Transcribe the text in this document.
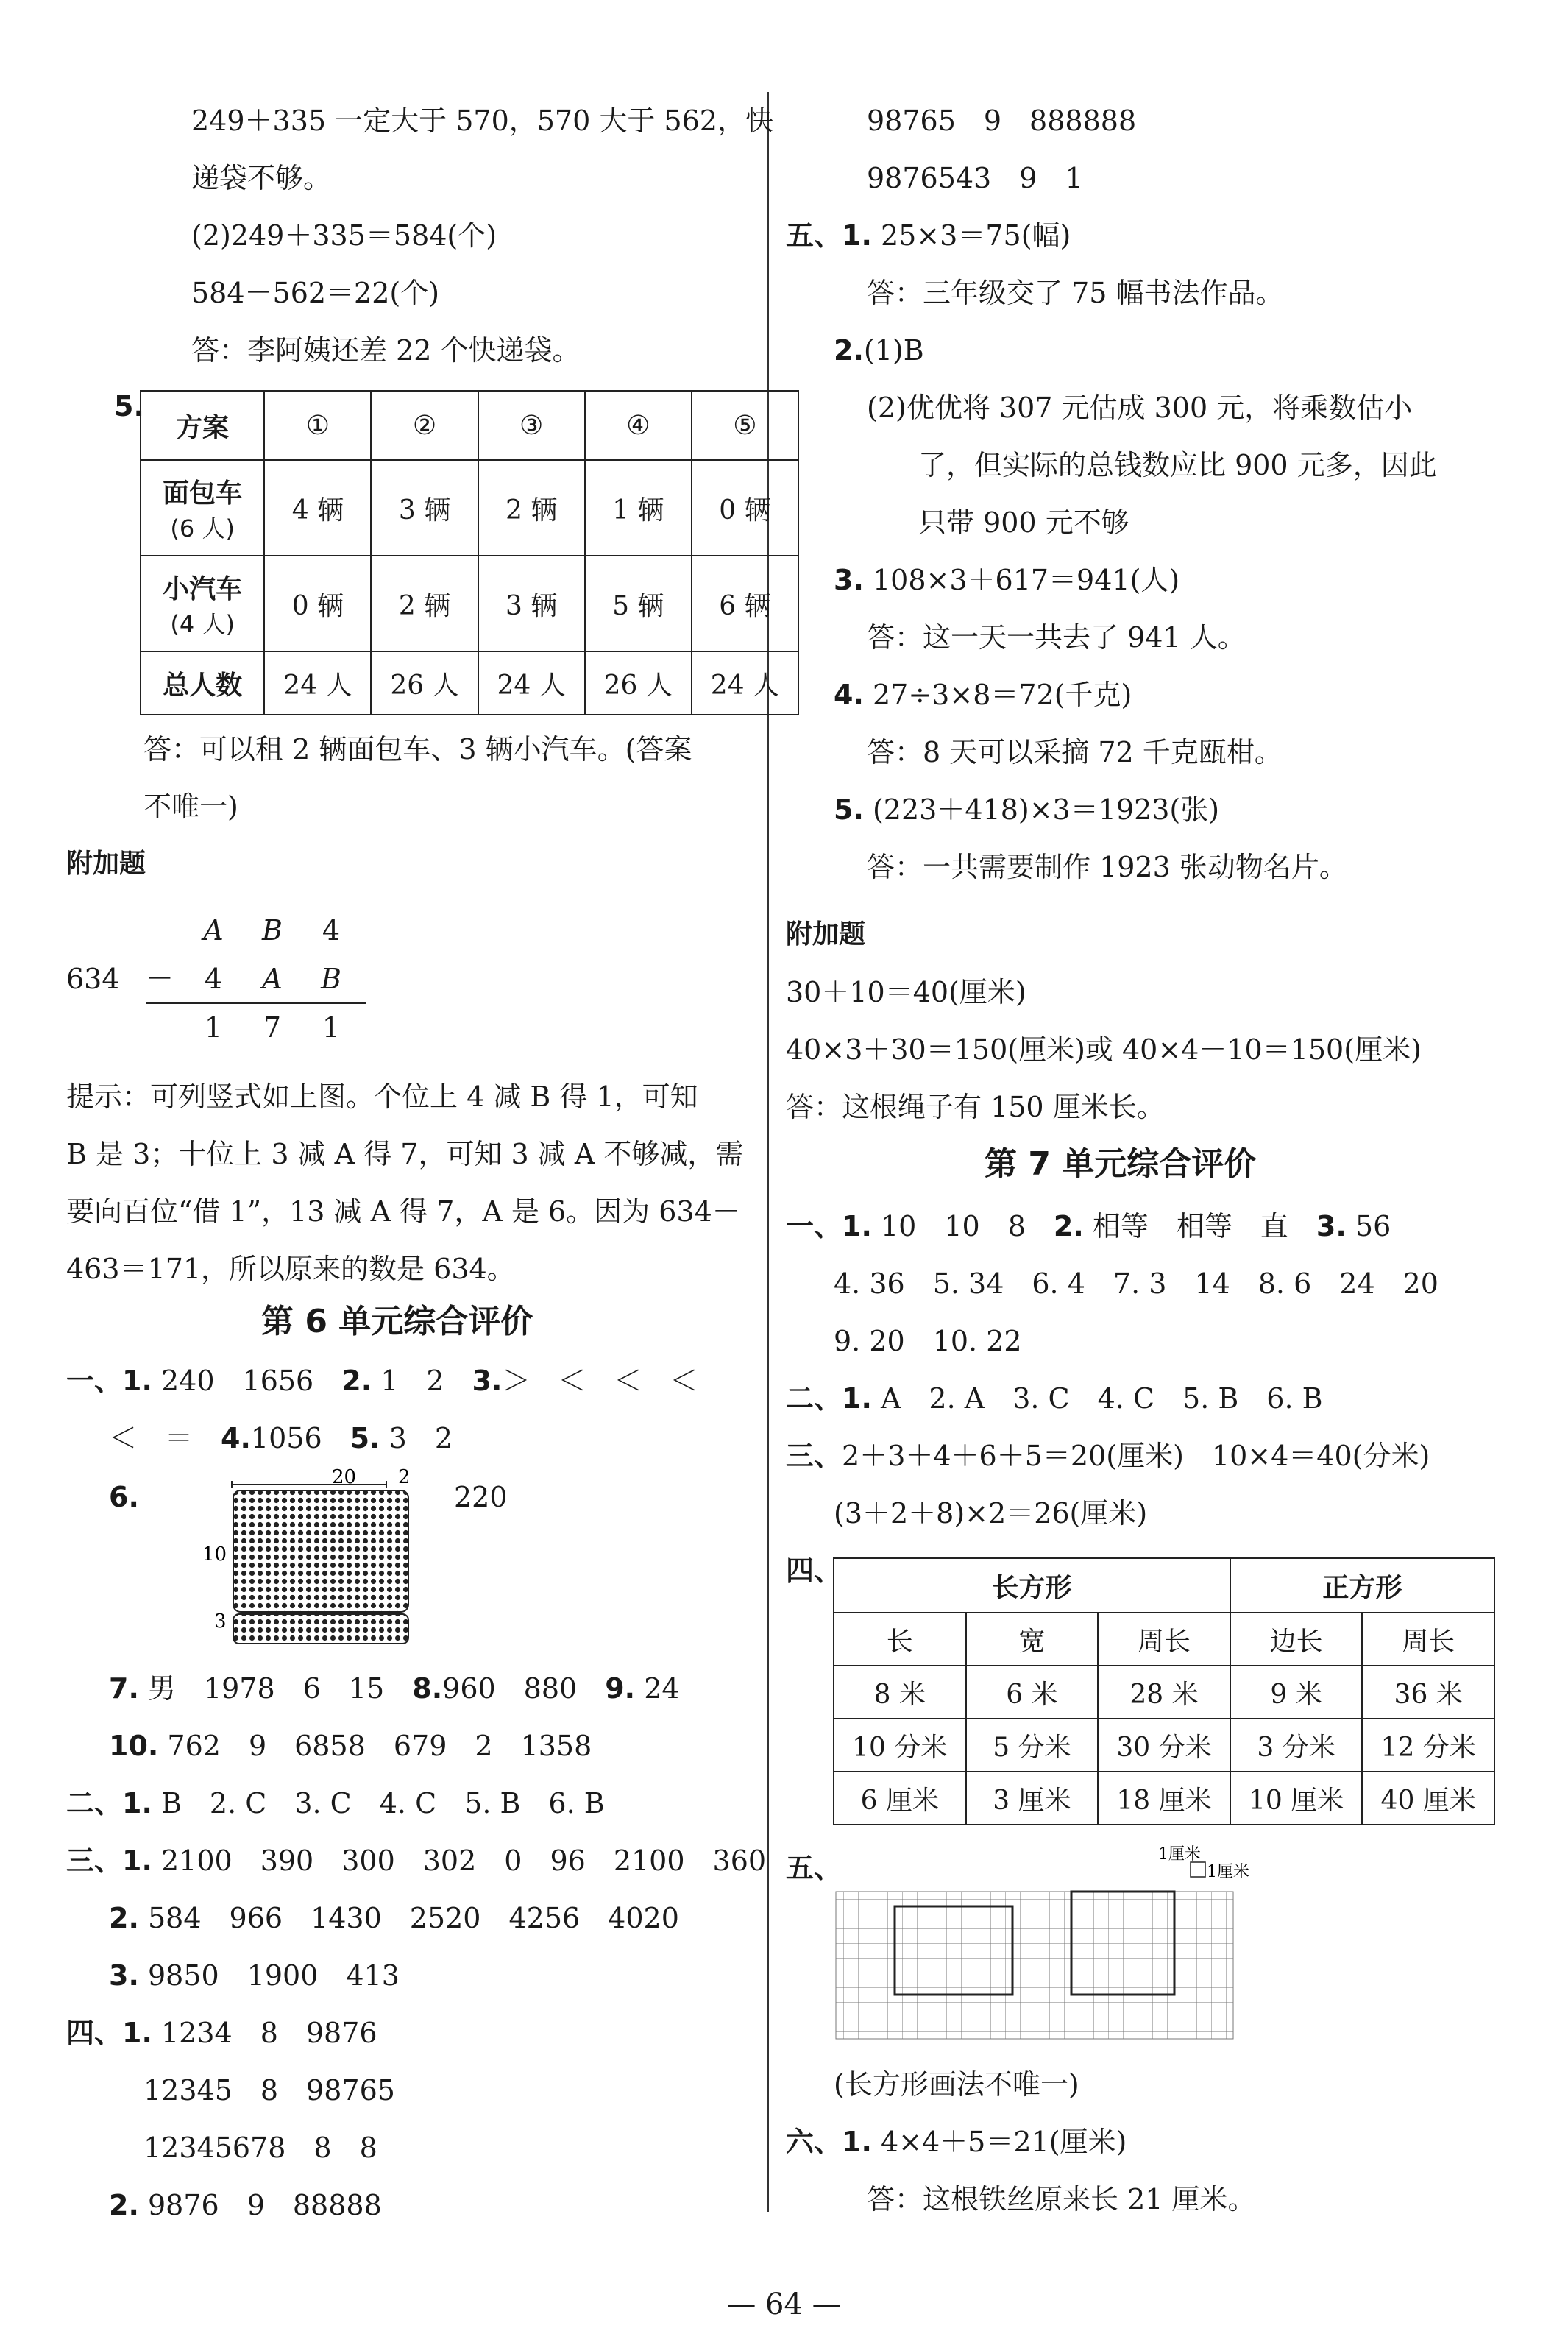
249＋335 一定大于 570，570 大于 562，快
递袋不够。
(2)249＋335＝584(个)
584－562＝22(个)
答：李阿姨还差 22 个快递袋。
5.
方案	①	②	③	④	⑤
面包车
(6 人)	4 辆	3 辆	2 辆	1 辆	0 辆
小汽车
(4 人)	0 辆	2 辆	3 辆	5 辆	6 辆
总人数	24 人	26 人	24 人	26 人	24 人
答：可以租 2 辆面包车、3 辆小汽车。(答案
不唯一)
附加题
A B 4
634 －	4 A B
1 7 1
提示：可列竖式如上图。个位上 4 减 B 得 1，可知
B 是 3；十位上 3 减 A 得 7，可知 3 减 A 不够减，需
要向百位“借 1”，13 减 A 得 7，A 是 6。因为 634－
463＝171，所以原来的数是 634。
第 6 单元综合评价
一、1. 240　1656　 2. 1　2　 3.＞　＜　＜　＜
＜　＝　 4.1056　 5. 3　2
6.
20 2
10
3
220
7. 男　1978　6　15　 8.960　880　 9. 24
10. 762　9　6858　679　2　1358
二、1. B　2. C　3. C　4. C　5. B　6. B
三、1. 2100　390　300　302　0　96　2100　360
2. 584　966　1430　2520　4256　4020
3. 9850　1900　413
四、1. 1234　8　9876
12345　8　98765
12345678　8　8
2. 9876　9　88888
98765　9　888888
9876543　9　1
五、1. 25×3＝75(幅)
答：三年级交了 75 幅书法作品。
2.(1)B
(2)优优将 307 元估成 300 元，将乘数估小
了，但实际的总钱数应比 900 元多，因此
只带 900 元不够
3. 108×3＋617＝941(人)
答：这一天一共去了 941 人。
4. 27÷3×8＝72(千克)
答：8 天可以采摘 72 千克瓯柑。
5. (223＋418)×3＝1923(张)
答：一共需要制作 1923 张动物名片。
附加题
30＋10＝40(厘米)
40×3＋30＝150(厘米)或 40×4－10＝150(厘米)
答：这根绳子有 150 厘米长。
第 7 单元综合评价
一、1. 10　10　8　 2. 相等　相等　直　 3. 56
4. 36　5. 34　6. 4　7. 3　14　8. 6　24　20
9. 20　10. 22
二、1. A　2. A　3. C　4. C　5. B　6. B
三、2＋3＋4＋6＋5＝20(厘米)　10×4＝40(分米)
(3＋2＋8)×2＝26(厘米)
四、
长方形			正方形	
长	宽	周长	边长	周长
8 米	6 米	28 米	9 米	36 米
10 分米	5 分米	30 分米	3 分米	12 分米
6 厘米	3 厘米	18 厘米	10 厘米	40 厘米
五、	1厘米
1厘米
(长方形画法不唯一)
六、1. 4×4＋5＝21(厘米)
答：这根铁丝原来长 21 厘米。
— 64 —
